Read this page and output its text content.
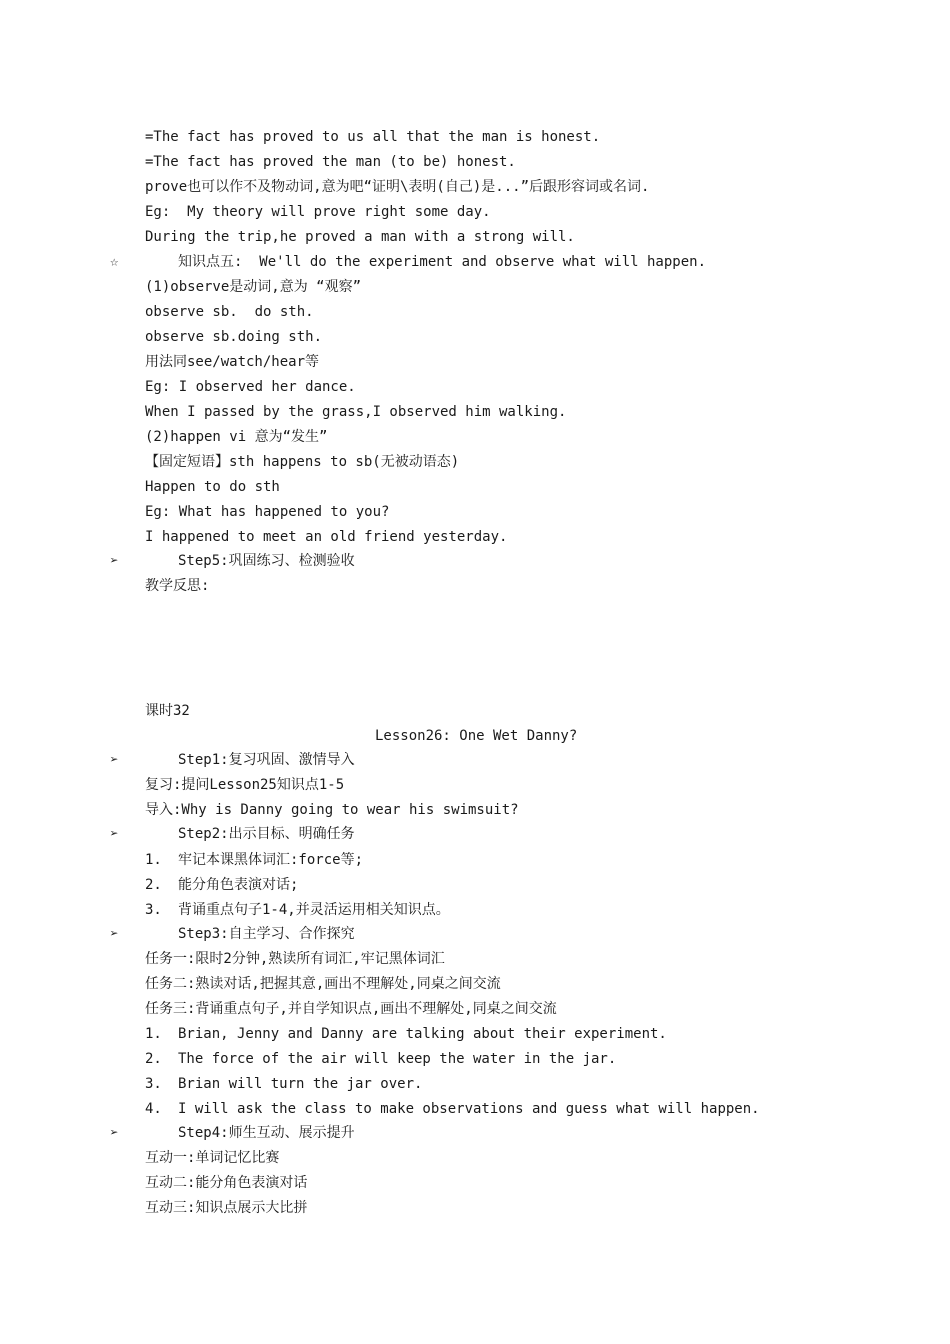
=The fact has proved to us all that the man is honest.
=The fact has proved the man (to be) honest.
prove也可以作不及物动词,意为吧“证明\表明(自己)是...”后跟形容词或名词.
Eg:  My theory will prove right some day.
During the trip,he proved a man with a strong will.
☆	知识点五:  We'll do the experiment and observe what will happen.
(1)observe是动词,意为 “观察”
observe sb.  do sth.
observe sb.doing sth.
用法同see/watch/hear等
Eg: I observed her dance.
When I passed by the grass,I observed him walking.
(2)happen vi 意为“发生”
【固定短语】sth happens to sb(无被动语态)
Happen to do sth
Eg: What has happened to you?
I happened to meet an old friend yesterday.
➢	Step5:巩固练习、检测验收
教学反思:
课时32
Lesson26: One Wet Danny?
➢	Step1:复习巩固、激情导入
复习:提问Lesson25知识点1-5
导入:Why is Danny going to wear his swimsuit?
➢	Step2:出示目标、明确任务
1. 牢记本课黑体词汇:force等;
2. 能分角色表演对话;
3. 背诵重点句子1-4,并灵活运用相关知识点。
➢	Step3:自主学习、合作探究
任务一:限时2分钟,熟读所有词汇,牢记黑体词汇
任务二:熟读对话,把握其意,画出不理解处,同桌之间交流
任务三:背诵重点句子,并自学知识点,画出不理解处,同桌之间交流
1. Brian, Jenny and Danny are talking about their experiment.
2. The force of the air will keep the water in the jar.
3. Brian will turn the jar over.
4. I will ask the class to make observations and guess what will happen.
➢	Step4:师生互动、展示提升
互动一:单词记忆比赛
互动二:能分角色表演对话
互动三:知识点展示大比拼
